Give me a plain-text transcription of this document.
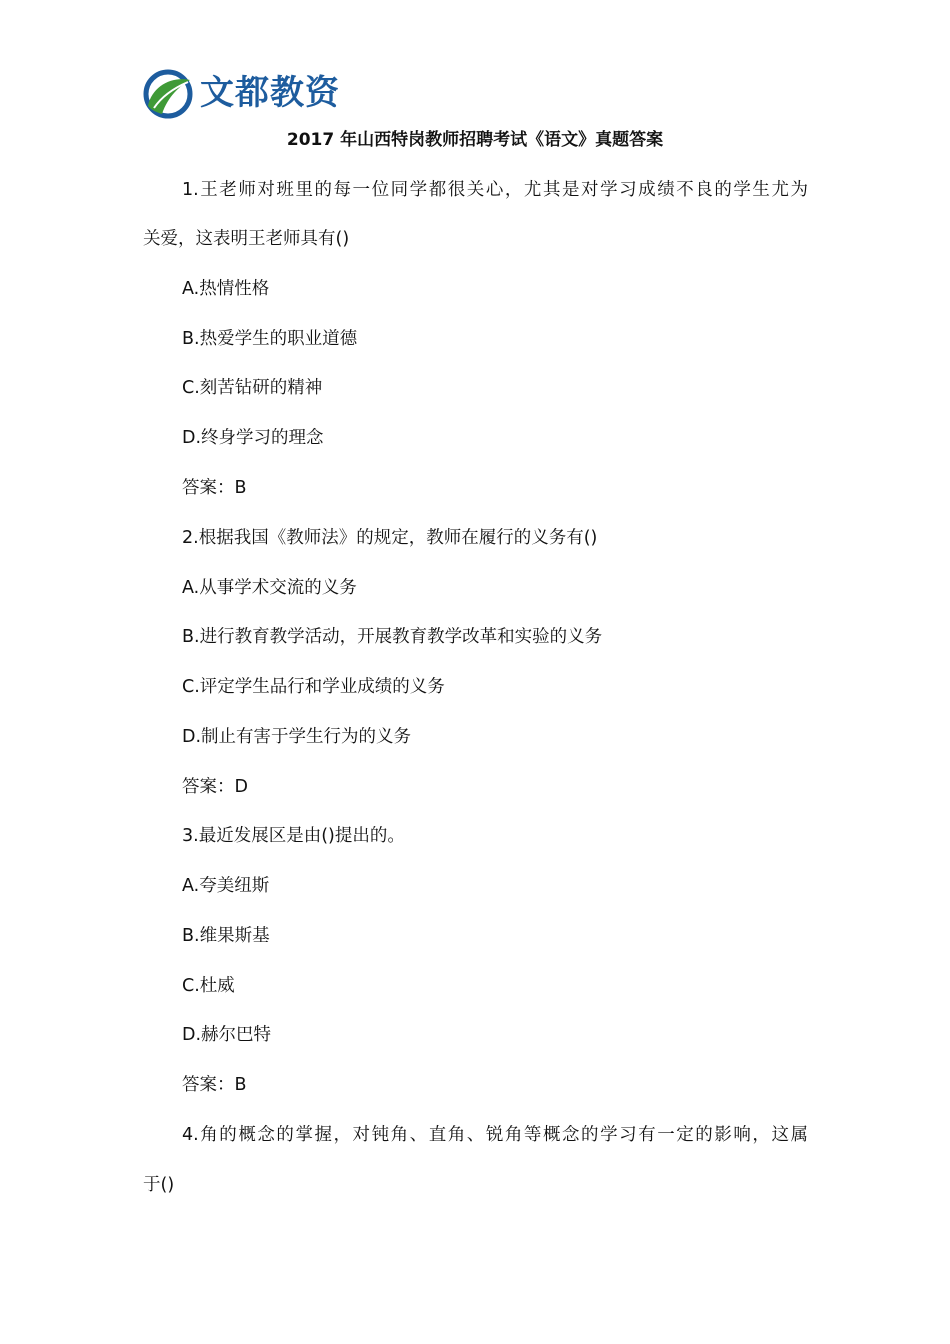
文都教资
2017 年山西特岗教师招聘考试《语文》真题答案
1.王老师对班里的每一位同学都很关心，尤其是对学习成绩不良的学生尤为
关爱，这表明王老师具有()
A.热情性格
B.热爱学生的职业道德
C.刻苦钻研的精神
D.终身学习的理念
答案：B
2.根据我国《教师法》的规定，教师在履行的义务有()
A.从事学术交流的义务
B.进行教育教学活动，开展教育教学改革和实验的义务
C.评定学生品行和学业成绩的义务
D.制止有害于学生行为的义务
答案：D
3.最近发展区是由()提出的。
A.夸美纽斯
B.维果斯基
C.杜威
D.赫尔巴特
答案：B
4.角的概念的掌握，对钝角、直角、锐角等概念的学习有一定的影响，这属
于()
